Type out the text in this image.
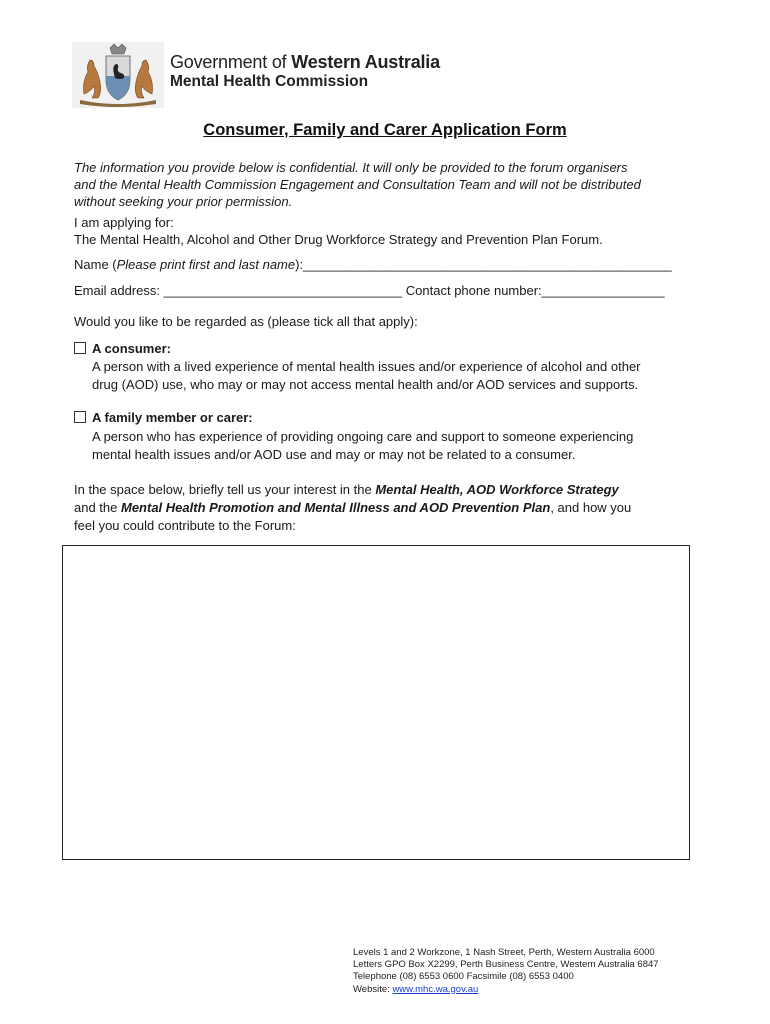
Government of Western Australia
Mental Health Commission
Consumer, Family and Carer Application Form
The information you provide below is confidential. It will only be provided to the forum organisers
and the Mental Health Commission Engagement and Consultation Team and will not be distributed
without seeking your prior permission.
I am applying for:
The Mental Health, Alcohol and Other Drug Workforce Strategy and Prevention Plan Forum.
Name (Please print first and last name):___________________________________________________
Email address: _________________________________ Contact phone number:_________________
Would you like to be regarded as (please tick all that apply):
A consumer:
A person with a lived experience of mental health issues and/or experience of alcohol and other
drug (AOD) use, who may or may not access mental health and/or AOD services and supports.
A family member or carer:
A person who has experience of providing ongoing care and support to someone experiencing
mental health issues and/or AOD use and may or may not be related to a consumer.
In the space below, briefly tell us your interest in the Mental Health, AOD Workforce Strategy
and the Mental Health Promotion and Mental Illness and AOD Prevention Plan, and how you
feel you could contribute to the Forum:
Levels 1 and 2 Workzone, 1 Nash Street, Perth, Western Australia 6000
Letters GPO Box X2299, Perth Business Centre, Western Australia 6847
Telephone (08) 6553 0600 Facsimile (08) 6553 0400
Website: www.mhc.wa.gov.au
